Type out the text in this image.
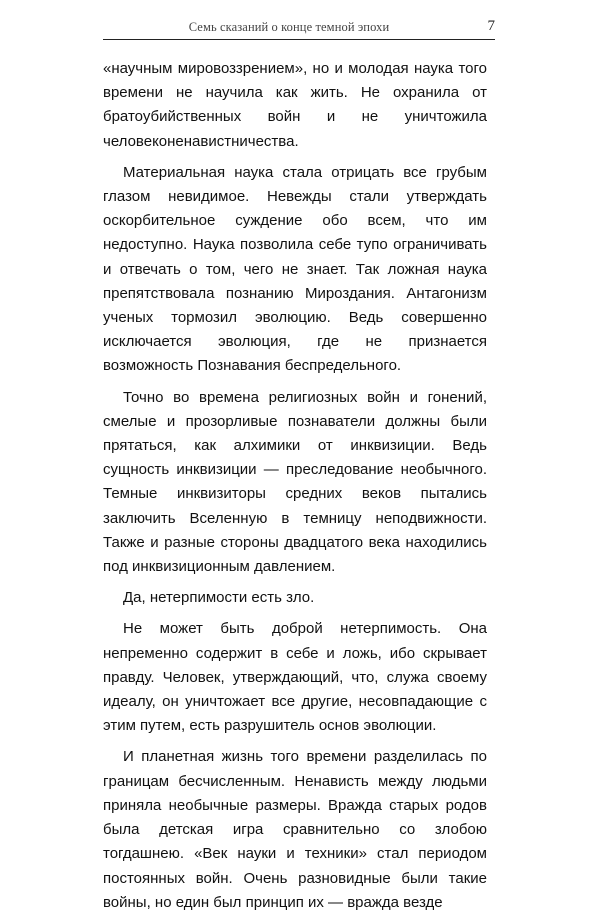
Семь сказаний о конце темной эпохи	7

«научным мировоззрением», но и молодая наука того времени не научила как жить. Не охранила от братоубийственных войн и не уничтожила человеконенавистничества.

Материальная наука стала отрицать все грубым глазом невидимое. Невежды стали утверждать оскорбительное суждение обо всем, что им недоступно. Наука позволила себе тупо ограничивать и отвечать о том, чего не знает. Так ложная наука препятствовала познанию Мироздания. Антагонизм ученых тормозил эволюцию. Ведь совершенно исключается эволюция, где не признается возможность Познавания беспредельного.

Точно во времена религиозных войн и гонений, смелые и прозорливые познаватели должны были прятаться, как алхимики от инквизиции. Ведь сущность инквизиции — преследование необычного. Темные инквизиторы средних веков пытались заключить Вселенную в темницу неподвижности. Также и разные стороны двадцатого века находились под инквизиционным давлением.

Да, нетерпимости есть зло.

Не может быть доброй нетерпимость. Она непременно содержит в себе и ложь, ибо скрывает правду. Человек, утверждающий, что, служа своему идеалу, он уничтожает все другие, несовпадающие с этим путем, есть разрушитель основ эволюции.

И планетная жизнь того времени разделилась по границам бесчисленным. Ненависть между людьми приняла необычные размеры. Вражда старых родов была детская игра сравнительно со злобою тогдашнею. «Век науки и техники» стал периодом постоянных войн. Очень разновидные были такие войны, но един был принцип их — вражда везде
